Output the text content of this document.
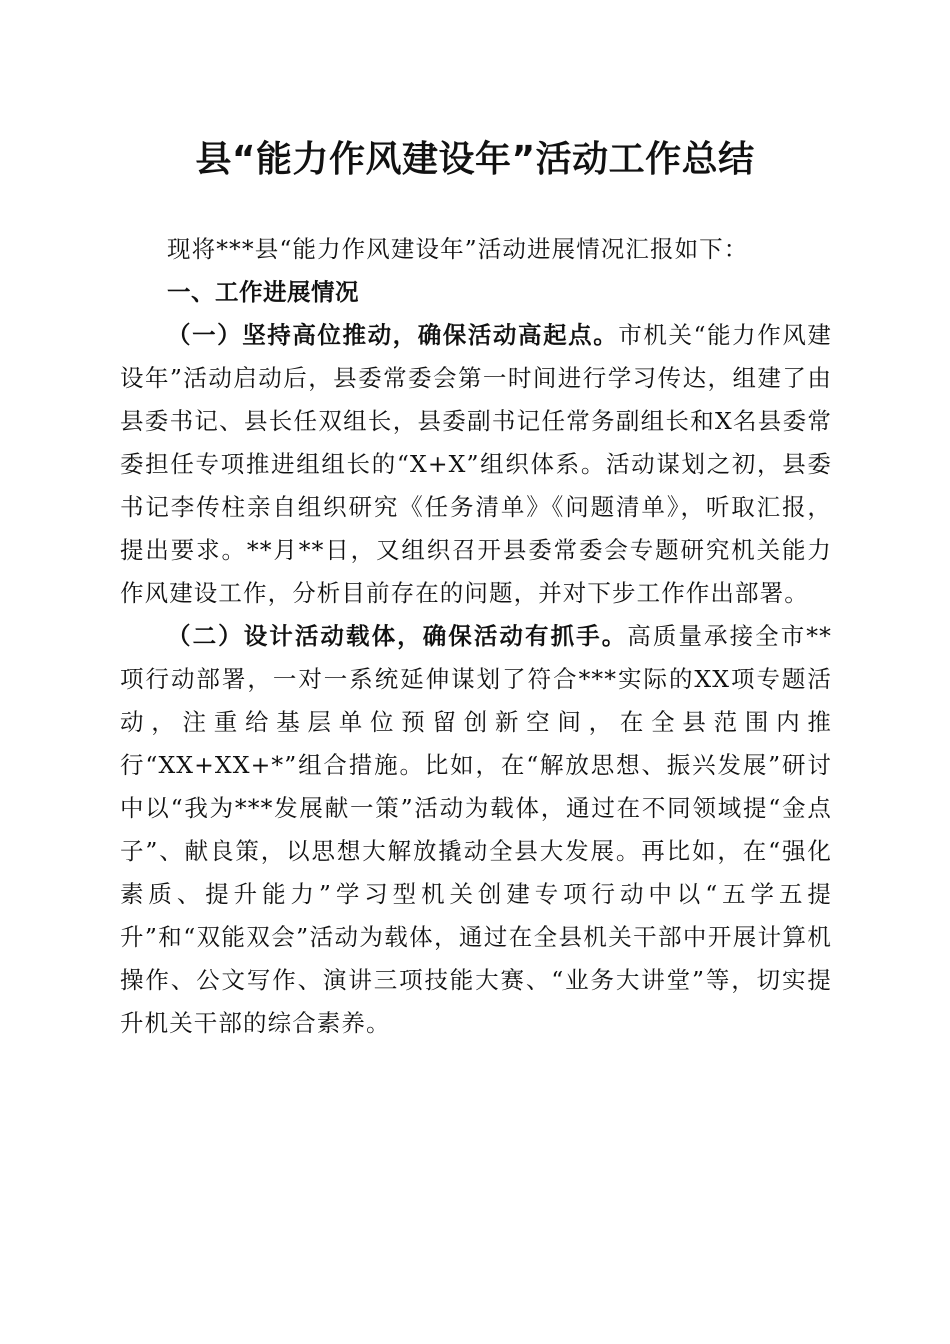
县“能力作风建设年”活动工作总结

现将***县“能力作风建设年”活动进展情况汇报如下：

一、工作进展情况

（一）坚持高位推动，确保活动高起点。市机关“能力作风建设年”活动启动后，县委常委会第一时间进行学习传达，组建了由县委书记、县长任双组长，县委副书记任常务副组长和X名县委常委担任专项推进组组长的“X+X”组织体系。活动谋划之初，县委书记李传柱亲自组织研究《任务清单》《问题清单》，听取汇报，提出要求。**月**日，又组织召开县委常委会专题研究机关能力作风建设工作，分析目前存在的问题，并对下步工作作出部署。

（二）设计活动载体，确保活动有抓手。高质量承接全市**项行动部署，一对一系统延伸谋划了符合***实际的XX项专题活动，注重给基层单位预留创新空间，在全县范围内推行“XX+XX+*”组合措施。比如，在“解放思想、振兴发展”研讨中以“我为***发展献一策”活动为载体，通过在不同领域提“金点子”、献良策，以思想大解放撬动全县大发展。再比如，在“强化素质、提升能力”学习型机关创建专项行动中以“五学五提升”和“双能双会”活动为载体，通过在全县机关干部中开展计算机操作、公文写作、演讲三项技能大赛、“业务大讲堂”等，切实提升机关干部的综合素养。
